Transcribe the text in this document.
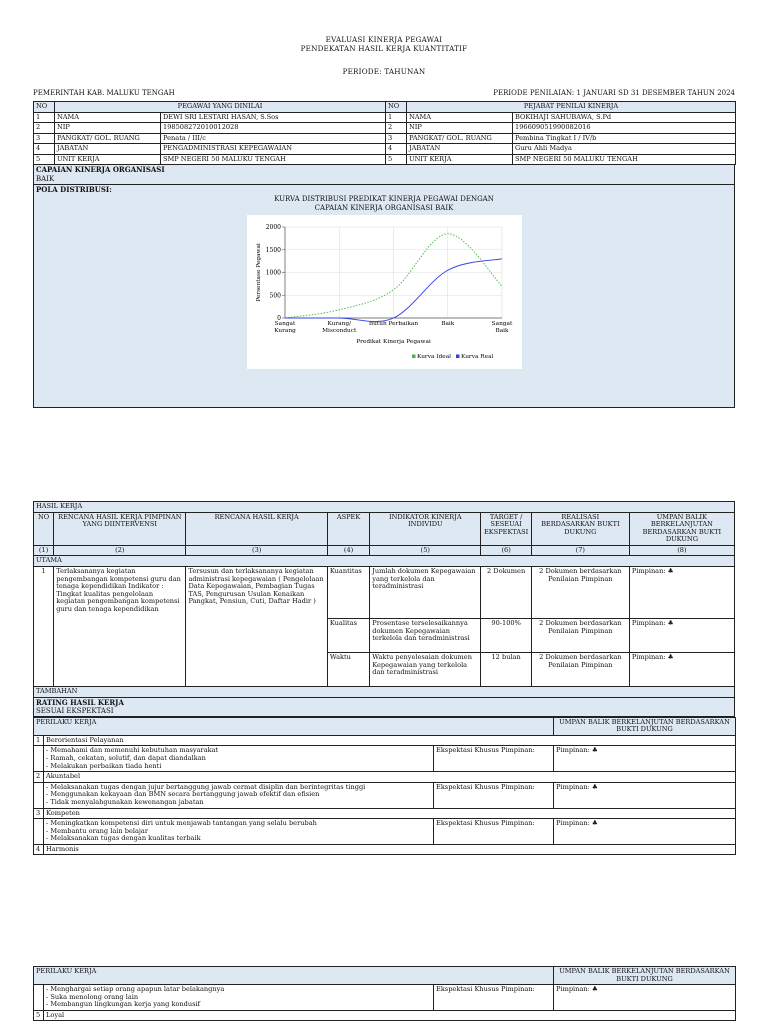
EVALUASI KINERJA PEGAWAI
PENDEKATAN HASIL KERJA KUANTITATIF
PERIODE: TAHUNAN
PEMERINTAH KAB. MALUKU TENGAH	PERIODE PENILAIAN: 1 JANUARI SD 31 DESEMBER TAHUN 2024
NO	PEGAWAI YANG DINILAI		NO	PEJABAT PENILAI KINERJA	
1	NAMA	DEWI SRI LESTARI HASAN, S.Sos	1	NAMA	BOKIHAJI SAHUBAWA, S.Pd
2	NIP	198508272010012028	2	NIP	196609051990082016
3	PANGKAT/ GOL. RUANG	Penata / III/c	3	PANGKAT/ GOL. RUANG	Pembina Tingkat I / IV/b
4	JABATAN	PENGADMINISTRASI KEPEGAWAIAN	4	JABATAN	Guru Ahli Madya
5	UNIT KERJA	SMP NEGERI 50 MALUKU TENGAH	5	UNIT KERJA	SMP NEGERI 50 MALUKU TENGAH
CAPAIAN KINERJA ORGANISASI
BAIK
POLA DISTRIBUSI:
KURVA DISTRIBUSI PREDIKAT KINERJA PEGAWAI DENGAN
CAPAIAN KINERJA ORGANISASI BAIK
0
500
1000
1500
2000
Sangat
Kurang
Kurang/
Misconduct
Butuh Perbaikan	Baik	Sangat
Baik
Predikat Kinerja Pegawai
Persentase Pegawai
Kurva Ideal Kurva Real
HASIL KERJA							
NO	RENCANA HASIL KERJA PIMPINAN YANG DIINTERVENSI	RENCANA HASIL KERJA	ASPEK	INDIKATOR KINERJA INDIVIDU	TARGET / SESEUAI EKSPEKTASI	REALISASI BERDASARKAN BUKTI DUKUNG	UMPAN BALIK BERKELANJUTAN BERDASARKAN BUKTI DUKUNG
(1)	(2)	(3)	(4)	(5)	(6)	(7)	(8)
UTAMA							
1	Terlaksananya kegiatan pengembangan kompetensi guru dan tenaga kependidikan Indikator : Tingkat kualitas pengelolaan kegiatan pengembangan kompetensi guru dan tenaga kependidikan	Tersusun dan terlaksananya kegiatan administrasi kepegawaian ( Pengelolaan Data Kepegawaian, Pembagian Tugas TAS, Pengurusan Usulan Kenaikan Pangkat, Pensiun, Cuti, Daftar Hadir )	Kuantitas	Jumlah dokumen Kepegawaian yang terkelola dan teradministrasi	2 Dokumen	2 Dokumen berdasarkan Penilaian Pimpinan	Pimpinan: ♣
			Kualitas	Prosentase terselesaikannya dokumen Kepegawaian terkelola dan teradministrasi	90-100%	2 Dokumen berdasarkan Penilaian Pimpinan	Pimpinan: ♣
			Waktu	Waktu penyelesaian dokumen Kepegawaian yang terkelola dan teradministrasi	12 bulan	2 Dokumen berdasarkan Penilaian Pimpinan	Pimpinan: ♣
TAMBAHAN							
RATING HASIL KERJA
SESUAI EKSPEKTASI
PERILAKU KERJA			UMPAN BALIK BERKELANJUTAN BERDASARKAN BUKTI DUKUNG
1	Berorientasi Pelayanan		

	- Memahami dan memenuhi kebutuhan masyarakat
- Ramah, cekatan, solutif, dan dapat diandalkan
- Melakukan perbaikan tiada henti	Ekspektasi Khusus Pimpinan:	Pimpinan: ♣
2	Akuntabel		

	- Melaksanakan tugas dengan jujur bertanggung jawab cermat disiplin dan berintegritas tinggi
- Menggunakan kekayaan dan BMN secara bertanggung jawab efektif dan efisien
- Tidak menyalahgunakan kewenangan jabatan	Ekspektasi Khusus Pimpinan:	Pimpinan: ♣
3	Kompeten		

	- Meningkatkan kompetensi diri untuk menjawab tantangan yang selalu berubah
- Membantu orang lain belajar
- Melaksanakan tugas dengan kualitas terbaik	Ekspektasi Khusus Pimpinan:	Pimpinan: ♣
4	Harmonis		
PERILAKU KERJA			UMPAN BALIK BERKELANJUTAN BERDASARKAN BUKTI DUKUNG

	- Menghargai setiap orang apapun latar belakangnya
- Suka menolong orang lain
- Membangun lingkungan kerja yang kondusif	Ekspektasi Khusus Pimpinan:	Pimpinan: ♣
5	Loyal		
